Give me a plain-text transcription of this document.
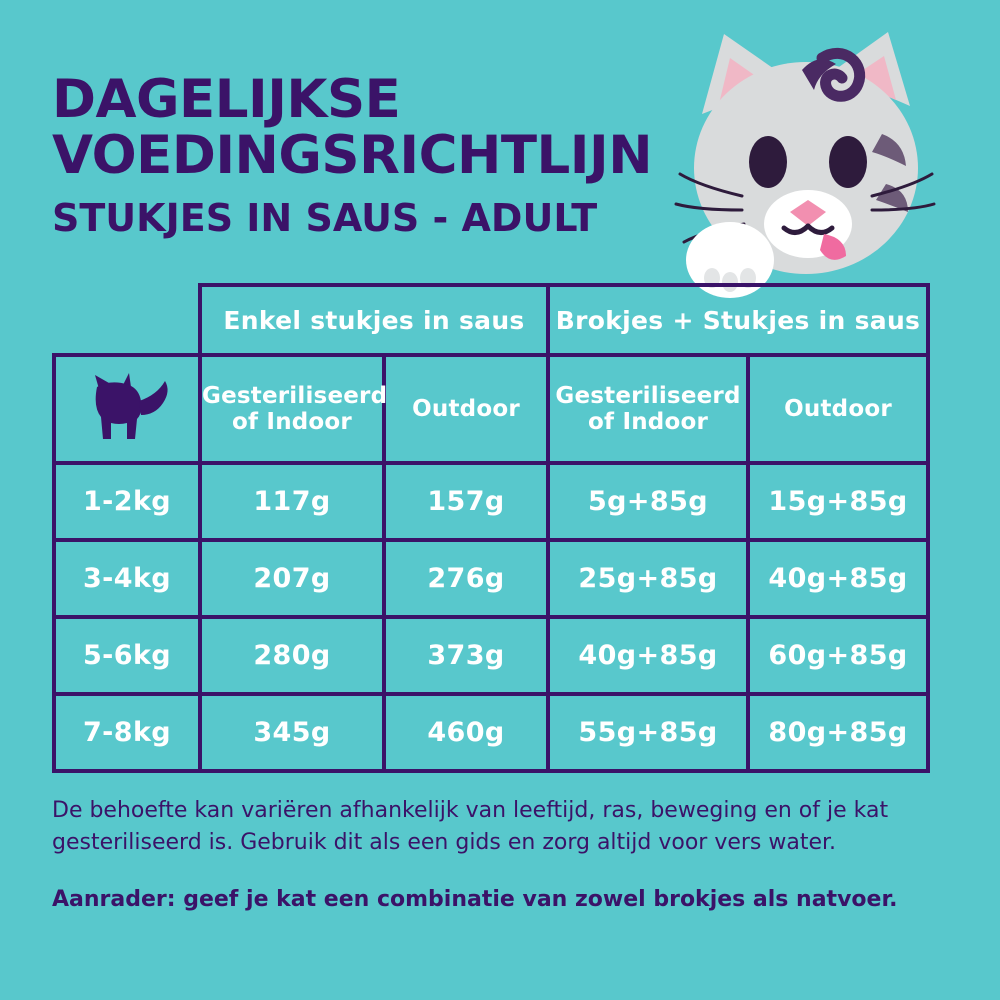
DAGELIJKSE
VOEDINGSRICHTLIJN
STUKJES IN SAUS - ADULT
	Enkel stukjes in saus		Brokjes + Stukjes in saus	

	Gesteriliseerd of Indoor	Outdoor	Gesteriliseerd of Indoor	Outdoor
1-2kg	117g	157g	5g+85g	15g+85g
3-4kg	207g	276g	25g+85g	40g+85g
5-6kg	280g	373g	40g+85g	60g+85g
7-8kg	345g	460g	55g+85g	80g+85g
De behoefte kan variëren afhankelijk van leeftijd, ras, beweging en of je kat gesteriliseerd is. Gebruik dit als een gids en zorg altijd voor vers water.
Aanrader: geef je kat een combinatie van zowel brokjes als natvoer.
